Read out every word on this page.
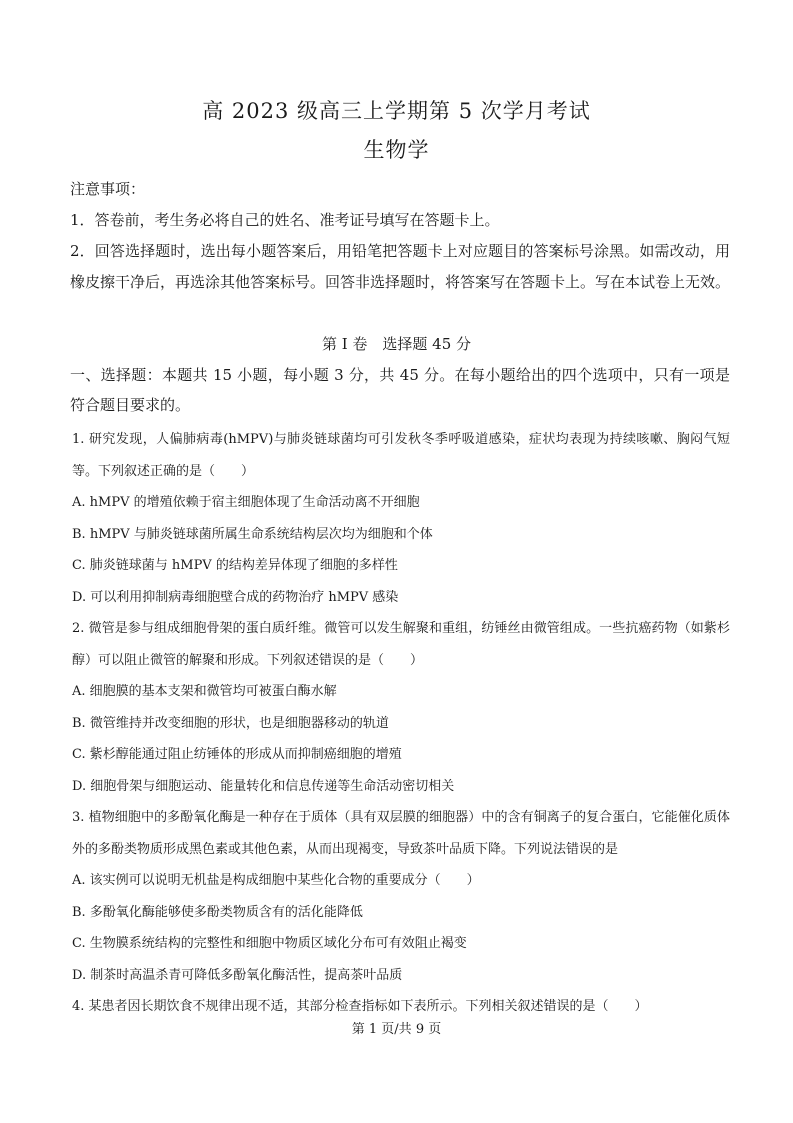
高 2023 级高三上学期第 5 次学月考试
生物学

注意事项：

1．答卷前，考生务必将自己的姓名、准考证号填写在答题卡上。

2．回答选择题时，选出每小题答案后，用铅笔把答题卡上对应题目的答案标号涂黑。如需改动，用橡皮擦干净后，再选涂其他答案标号。回答非选择题时，将答案写在答题卡上。写在本试卷上无效。

第 I 卷　选择题 45 分
一、选择题：本题共 15 小题，每小题 3 分，共 45 分。在每小题给出的四个选项中，只有一项是符合题目要求的。

1. 研究发现，人偏肺病毒(hMPV)与肺炎链球菌均可引发秋冬季呼吸道感染，症状均表现为持续咳嗽、胸闷气短等。下列叙述正确的是（　　）

A. hMPV 的增殖依赖于宿主细胞体现了生命活动离不开细胞

B. hMPV 与肺炎链球菌所属生命系统结构层次均为细胞和个体

C. 肺炎链球菌与 hMPV 的结构差异体现了细胞的多样性

D. 可以利用抑制病毒细胞壁合成的药物治疗 hMPV 感染

2. 微管是参与组成细胞骨架的蛋白质纤维。微管可以发生解聚和重组，纺锤丝由微管组成。一些抗癌药物（如紫杉醇）可以阻止微管的解聚和形成。下列叙述错误的是（　　）

A. 细胞膜的基本支架和微管均可被蛋白酶水解

B. 微管维持并改变细胞的形状，也是细胞器移动的轨道

C. 紫杉醇能通过阻止纺锤体的形成从而抑制癌细胞的增殖

D. 细胞骨架与细胞运动、能量转化和信息传递等生命活动密切相关

3. 植物细胞中的多酚氧化酶是一种存在于质体（具有双层膜的细胞器）中的含有铜离子的复合蛋白，它能催化质体外的多酚类物质形成黑色素或其他色素，从而出现褐变，导致茶叶品质下降。下列说法错误的是

A. 该实例可以说明无机盐是构成细胞中某些化合物的重要成分（　　）

B. 多酚氧化酶能够使多酚类物质含有的活化能降低

C. 生物膜系统结构的完整性和细胞中物质区域化分布可有效阻止褐变

D. 制茶时高温杀青可降低多酚氧化酶活性，提高茶叶品质

4. 某患者因长期饮食不规律出现不适，其部分检查指标如下表所示。下列相关叙述错误的是（　　）

第 1 页/共 9 页
